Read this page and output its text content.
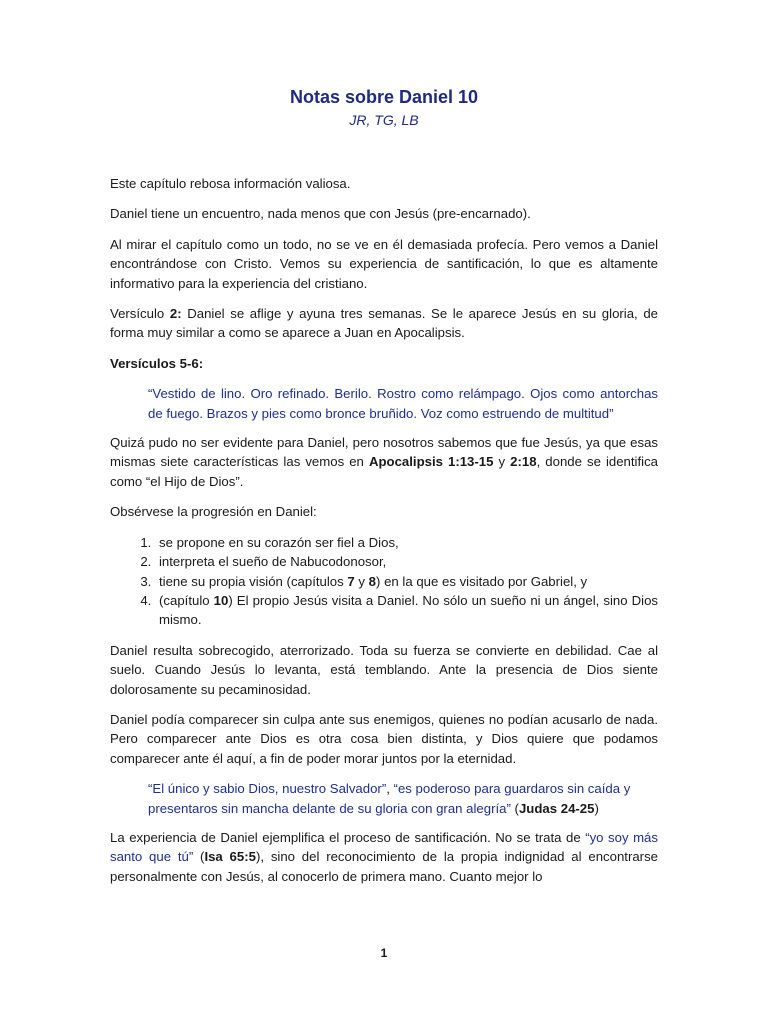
Notas sobre Daniel 10
JR, TG, LB

Este capítulo rebosa información valiosa.

Daniel tiene un encuentro, nada menos que con Jesús (pre-encarnado).

Al mirar el capítulo como un todo, no se ve en él demasiada profecía. Pero vemos a Daniel encontrándose con Cristo. Vemos su experiencia de santificación, lo que es altamente informativo para la experiencia del cristiano.

Versículo 2: Daniel se aflige y ayuna tres semanas. Se le aparece Jesús en su gloria, de forma muy similar a como se aparece a Juan en Apocalipsis.

Versículos 5-6:

“Vestido de lino. Oro refinado. Berilo. Rostro como relámpago. Ojos como antorchas de fuego. Brazos y pies como bronce bruñido. Voz como estruendo de multitud”

Quizá pudo no ser evidente para Daniel, pero nosotros sabemos que fue Jesús, ya que esas mismas siete características las vemos en Apocalipsis 1:13-15 y 2:18, donde se identifica como “el Hijo de Dios”.

Obsérvese la progresión en Daniel:

1. se propone en su corazón ser fiel a Dios,
2. interpreta el sueño de Nabucodonosor,
3. tiene su propia visión (capítulos 7 y 8) en la que es visitado por Gabriel, y
4. (capítulo 10) El propio Jesús visita a Daniel. No sólo un sueño ni un ángel, sino Dios mismo.

Daniel resulta sobrecogido, aterrorizado. Toda su fuerza se convierte en debilidad. Cae al suelo. Cuando Jesús lo levanta, está temblando. Ante la presencia de Dios siente dolorosamente su pecaminosidad.

Daniel podía comparecer sin culpa ante sus enemigos, quienes no podían acusarlo de nada. Pero comparecer ante Dios es otra cosa bien distinta, y Dios quiere que podamos comparecer ante él aquí, a fin de poder morar juntos por la eternidad.

“El único y sabio Dios, nuestro Salvador”, “es poderoso para guardaros sin caída y presentaros sin mancha delante de su gloria con gran alegría” (Judas 24-25)

La experiencia de Daniel ejemplifica el proceso de santificación. No se trata de “yo soy más santo que tú” (Isa 65:5), sino del reconocimiento de la propia indignidad al encontrarse personalmente con Jesús, al conocerlo de primera mano. Cuanto mejor lo

1
